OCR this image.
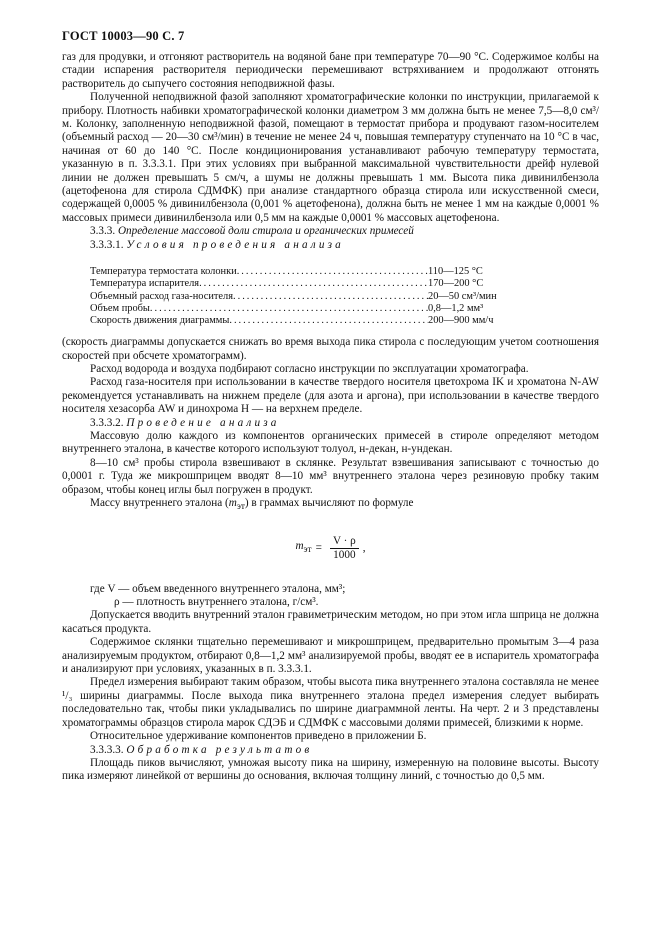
ГОСТ 10003—90 С. 7

газ для продувки, и отгоняют растворитель на водяной бане при температуре 70—90 °С. Содержимое колбы на стадии испарения растворителя периодически перемешивают встряхиванием и продолжают отгонять растворитель до сыпучего состояния неподвижной фазы.

Полученной неподвижной фазой заполняют хроматографические колонки по инструкции, прилагаемой к прибору. Плотность набивки хроматографической колонки диаметром 3 мм должна быть не менее 7,5—8,0 см³/м. Колонку, заполненную неподвижной фазой, помещают в термостат прибора и продувают газом-носителем (объемный расход — 20—30 см³/мин) в течение не менее 24 ч, повышая температуру ступенчато на 10 °С в час, начиная от 60 до 140 °С. После кондиционирования устанавливают рабочую температуру термостата, указанную в п. 3.3.3.1. При этих условиях при выбранной максимальной чувствительности дрейф нулевой линии не должен превышать 5 см/ч, а шумы не должны превышать 1 мм. Высота пика дивинилбензола (ацетофенона для стирола СДМФК) при анализе стандартного образца стирола или искусственной смеси, содержащей 0,0005 % дивинилбензола (0,001 % ацетофенона), должна быть не менее 1 мм на каждые 0,0001 % массовых примеси дивинилбензола или 0,5 мм на каждые 0,0001 % массовых ацетофенона.

3.3.3. Определение массовой доли стирола и органических примесей

3.3.3.1. Условия проведения анализа

Температура термостата колонки .....	110—125 °С
Температура испарителя .....	170—200 °С
Объемный расход газа-носителя .....	20—50 см³/мин
Объем пробы .....	0,8—1,2 мм³
Скорость движения диаграммы .....	200—900 мм/ч

(скорость диаграммы допускается снижать во время выхода пика стирола с последующим учетом соотношения скоростей при обсчете хроматограмм).

Расход водорода и воздуха подбирают согласно инструкции по эксплуатации хроматографа.

Расход газа-носителя при использовании в качестве твердого носителя цветохрома IK и хроматона N-AW рекомендуется устанавливать на нижнем пределе (для азота и аргона), при использовании в качестве твердого носителя хезасорба AW и динохрома Н — на верхнем пределе.

3.3.3.2. Проведение анализа

Массовую долю каждого из компонентов органических примесей в стироле определяют методом внутреннего эталона, в качестве которого используют толуол, н-декан, н-ундекан.

8—10 см³ пробы стирола взвешивают в склянке. Результат взвешивания записывают с точностью до 0,0001 г. Туда же микрошприцем вводят 8—10 мм³ внутреннего эталона через резиновую пробку таким образом, чтобы конец иглы был погружен в продукт.

Массу внутреннего эталона $(m_{эт})$ в граммах вычисляют по формуле

$m_{эт} = \frac{V \cdot \rho}{1000}$ ,

где V — объем введенного внутреннего эталона, мм³;

ρ — плотность внутреннего эталона, г/см³.

Допускается вводить внутренний эталон гравиметрическим методом, но при этом игла шприца не должна касаться продукта.

Содержимое склянки тщательно перемешивают и микрошприцем, предварительно промытым 3—4 раза анализируемым продуктом, отбирают 0,8—1,2 мм³ анализируемой пробы, вводят ее в испаритель хроматографа и анализируют при условиях, указанных в п. 3.3.3.1.

Предел измерения выбирают таким образом, чтобы высота пика внутреннего эталона составляла не менее ¹/₃ ширины диаграммы. После выхода пика внутреннего эталона предел измерения следует выбирать последовательно так, чтобы пики укладывались по ширине диаграммной ленты. На черт. 2 и 3 представлены хроматограммы образцов стирола марок СДЭБ и СДМФК с массовыми долями примесей, близкими к норме.

Относительное удерживание компонентов приведено в приложении Б.

3.3.3.3. Обработка результатов

Площадь пиков вычисляют, умножая высоту пика на ширину, измеренную на половине высоты. Высоту пика измеряют линейкой от вершины до основания, включая толщину линий, с точностью до 0,5 мм.
